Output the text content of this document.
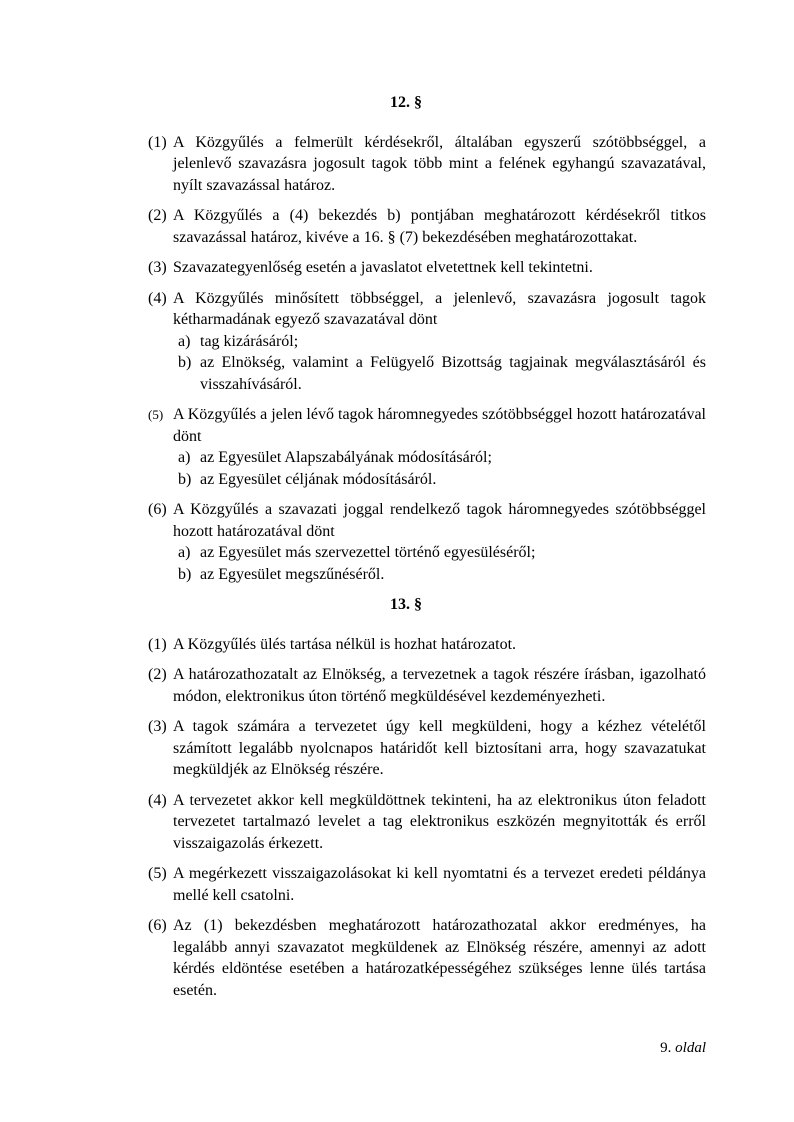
12. §
(1) A Közgyűlés a felmerült kérdésekről, általában egyszerű szótöbbséggel, a jelenlevő szavazásra jogosult tagok több mint a felének egyhangú szavazatával, nyílt szavazással határoz.
(2) A Közgyűlés a (4) bekezdés b) pontjában meghatározott kérdésekről titkos szavazással határoz, kivéve a 16. § (7) bekezdésében meghatározottakat.
(3) Szavazategyenlőség esetén a javaslatot elvetettnek kell tekintetni.
(4) A Közgyűlés minősített többséggel, a jelenlevő, szavazásra jogosult tagok kétharmadának egyező szavazatával dönt
a) tag kizárásáról;
b) az Elnökség, valamint a Felügyelő Bizottság tagjainak megválasztásáról és visszahívásáról.
(5) A Közgyűlés a jelen lévő tagok háromnegyedes szótöbbséggel hozott határozatával dönt
a) az Egyesület Alapszabályának módosításáról;
b) az Egyesület céljának módosításáról.
(6) A Közgyűlés a szavazati joggal rendelkező tagok háromnegyedes szótöbbséggel hozott határozatával dönt
a) az Egyesület más szervezettel történő egyesüléséről;
b) az Egyesület megszűnéséről.
13. §
(1) A Közgyűlés ülés tartása nélkül is hozhat határozatot.
(2) A határozathozatalt az Elnökség, a tervezetnek a tagok részére írásban, igazolható módon, elektronikus úton történő megküldésével kezdeményezheti.
(3) A tagok számára a tervezetet úgy kell megküldeni, hogy a kézhez vételétől számított legalább nyolcnapos határidőt kell biztosítani arra, hogy szavazatukat megküldjék az Elnökség részére.
(4) A tervezetet akkor kell megküldöttnek tekinteni, ha az elektronikus úton feladott tervezetet tartalmazó levelet a tag elektronikus eszközén megnyitották és erről visszaigazolás érkezett.
(5) A megérkezett visszaigazolásokat ki kell nyomtatni és a tervezet eredeti példánya mellé kell csatolni.
(6) Az (1) bekezdésben meghatározott határozathozatal akkor eredményes, ha legalább annyi szavazatot megküldenek az Elnökség részére, amennyi az adott kérdés eldöntése esetében a határozatképességéhez szükséges lenne ülés tartása esetén.
9. oldal
